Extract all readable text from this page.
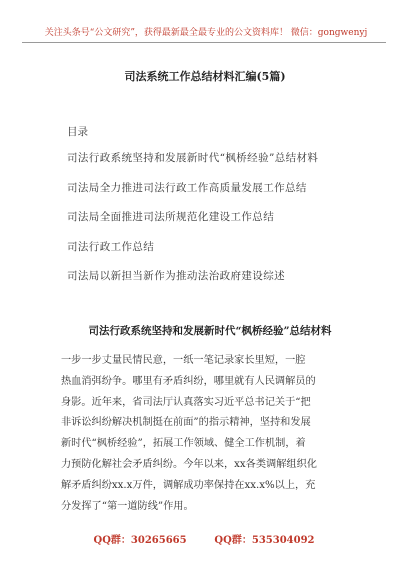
关注头条号“公文研究”，获得最新最全最专业的公文资料库！ 微信：gongwenyj
司法系统工作总结材料汇编(5篇)
目录
司法行政系统坚持和发展新时代“枫桥经验”总结材料
司法局全力推进司法行政工作高质量发展工作总结
司法局全面推进司法所规范化建设工作总结
司法行政工作总结
司法局以新担当新作为推动法治政府建设综述
司法行政系统坚持和发展新时代“枫桥经验”总结材料
一步一步丈量民情民意，一纸一笔记录家长里短，一腔
热血消弭纷争。哪里有矛盾纠纷，哪里就有人民调解员的
身影。近年来，省司法厅认真落实习近平总书记关于“把
非诉讼纠纷解决机制挺在前面”的指示精神，坚持和发展
新时代“枫桥经验”，拓展工作领域、健全工作机制，着
力预防化解社会矛盾纠纷。今年以来，xx各类调解组织化
解矛盾纠纷xx.x万件，调解成功率保持在xx.x%以上，充
分发挥了“第一道防线”作用。
QQ群：30265665        QQ群：535304092
